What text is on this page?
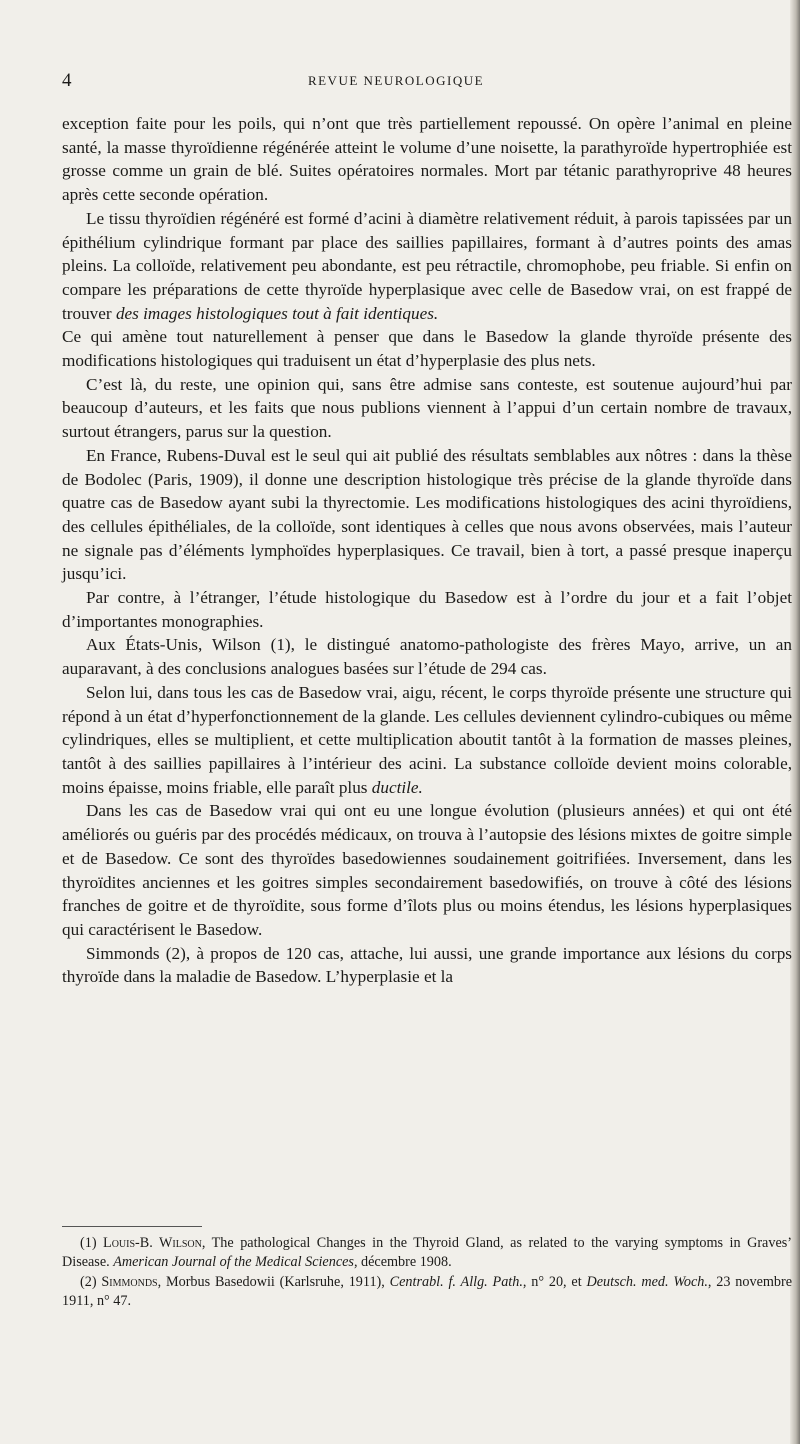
4	REVUE NEUROLOGIQUE

exception faite pour les poils, qui n’ont que très partiellement repoussé. On opère l’animal en pleine santé, la masse thyroïdienne régénérée atteint le volume d’une noisette, la parathyroïde hypertrophiée est grosse comme un grain de blé. Suites opératoires normales. Mort par tétanic parathyroprive 48 heures après cette seconde opération.

Le tissu thyroïdien régénéré est formé d’acini à diamètre relativement réduit, à parois tapissées par un épithélium cylindrique formant par place des saillies papillaires, formant à d’autres points des amas pleins. La colloïde, relativement peu abondante, est peu rétractile, chromophobe, peu friable. Si enfin on compare les préparations de cette thyroïde hyperplasique avec celle de Basedow vrai, on est frappé de trouver des images histologiques tout à fait identiques.

Ce qui amène tout naturellement à penser que dans le Basedow la glande thyroïde présente des modifications histologiques qui traduisent un état d’hyperplasie des plus nets.

C’est là, du reste, une opinion qui, sans être admise sans conteste, est soutenue aujourd’hui par beaucoup d’auteurs, et les faits que nous publions viennent à l’appui d’un certain nombre de travaux, surtout étrangers, parus sur la question.

En France, Rubens-Duval est le seul qui ait publié des résultats semblables aux nôtres : dans la thèse de Bodolec (Paris, 1909), il donne une description histologique très précise de la glande thyroïde dans quatre cas de Basedow ayant subi la thyrectomie. Les modifications histologiques des acini thyroïdiens, des cellules épithéliales, de la colloïde, sont identiques à celles que nous avons observées, mais l’auteur ne signale pas d’éléments lymphoïdes hyperplasiques. Ce travail, bien à tort, a passé presque inaperçu jusqu’ici.

Par contre, à l’étranger, l’étude histologique du Basedow est à l’ordre du jour et a fait l’objet d’importantes monographies.

Aux États-Unis, Wilson (1), le distingué anatomo-pathologiste des frères Mayo, arrive, un an auparavant, à des conclusions analogues basées sur l’étude de 294 cas.

Selon lui, dans tous les cas de Basedow vrai, aigu, récent, le corps thyroïde présente une structure qui répond à un état d’hyperfonctionnement de la glande. Les cellules deviennent cylindro-cubiques ou même cylindriques, elles se multiplient, et cette multiplication aboutit tantôt à la formation de masses pleines, tantôt à des saillies papillaires à l’intérieur des acini. La substance colloïde devient moins colorable, moins épaisse, moins friable, elle paraît plus ductile.

Dans les cas de Basedow vrai qui ont eu une longue évolution (plusieurs années) et qui ont été améliorés ou guéris par des procédés médicaux, on trouva à l’autopsie des lésions mixtes de goitre simple et de Basedow. Ce sont des thyroïdes basedowiennes soudainement goitrifiées. Inversement, dans les thyroïdites anciennes et les goitres simples secondairement basedowifiés, on trouve à côté des lésions franches de goitre et de thyroïdite, sous forme d’îlots plus ou moins étendus, les lésions hyperplasiques qui caractérisent le Basedow.

Simmonds (2), à propos de 120 cas, attache, lui aussi, une grande importance aux lésions du corps thyroïde dans la maladie de Basedow. L’hyperplasie et la

(1) Louis-B. Wilson, The pathological Changes in the Thyroid Gland, as related to the varying symptoms in Graves’ Disease. American Journal of the Medical Sciences, décembre 1908.

(2) Simmonds, Morbus Basedowii (Karlsruhe, 1911), Centrabl. f. Allg. Path., n° 20, et Deutsch. med. Woch., 23 novembre 1911, n° 47.
